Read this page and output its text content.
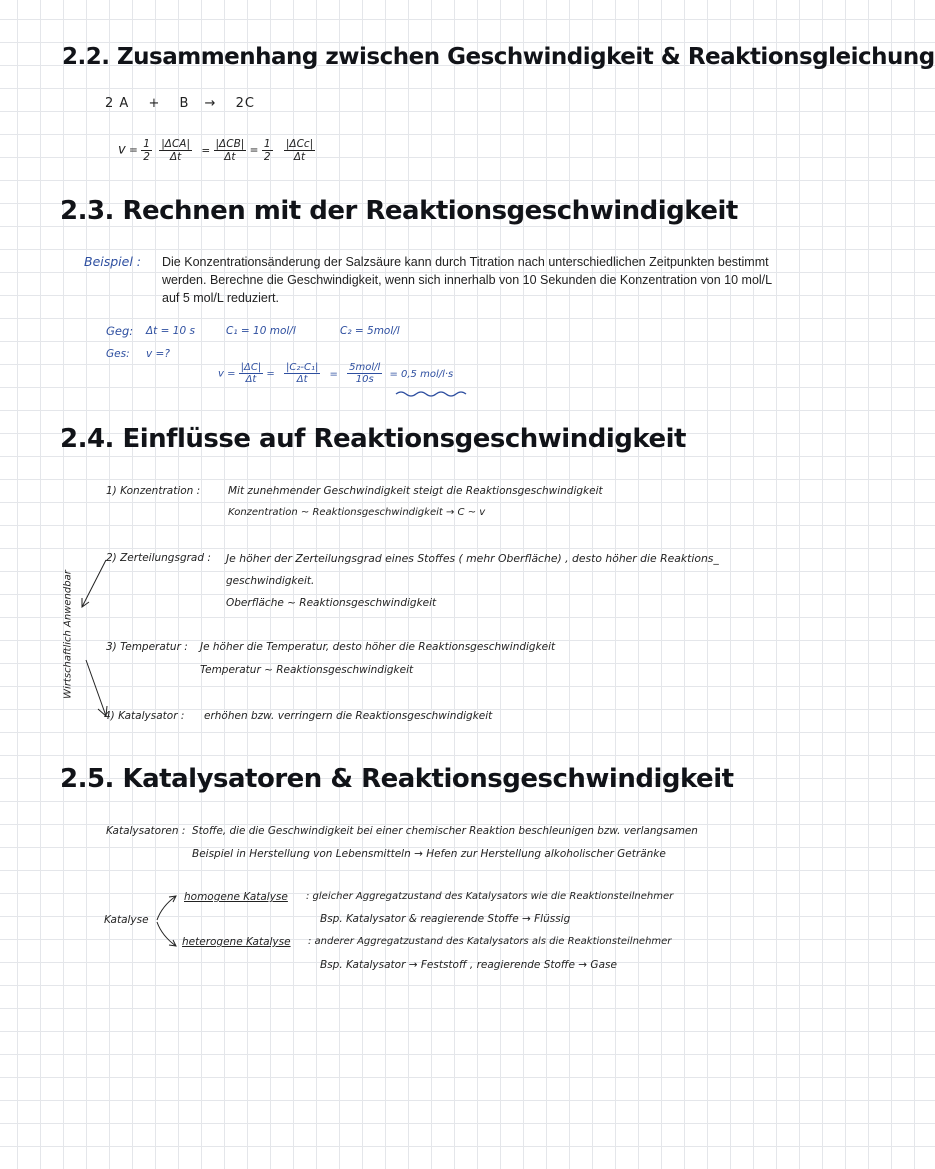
2.2. Zusammenhang zwischen Geschwindigkeit & Reaktionsgleichung
2 A + B → 2C
$v = \frac{1}{2}$
$\frac{\text{|ΔCA|}}{\Delta t} = \frac{\text{|ΔCB|}}{\Delta t} = \frac{1}{2}$
$\frac{\text{|ΔCc|}}{\Delta t}$
2.3. Rechnen mit der Reaktionsgeschwindigkeit
Beispiel : Die Konzentrationsänderung der Salzsäure kann durch Titration nach unterschiedlichen Zeitpunkten bestimmt werden. Berechne die Geschwindigkeit, wenn sich innerhalb von 10 Sekunden die Konzentration von 10 mol/L auf 5 mol/L reduziert.
Geg: Δt = 10 s	C₁ = 10 mol/l	C₂ = 5mol/l
Ges: v =?
$v = \frac{|\Delta C|}{\Delta t} = \frac{\text{|C₂-C₁|}}{\Delta t} = \frac{\text{5mol/l}}{10s} = 0,5$ mol/l·s
2.4. Einflüsse auf Reaktionsgeschwindigkeit
Wirtschaftlich Anwendbar
1) Konzentration :	Mit zunehmender Geschwindigkeit steigt die Reaktionsgeschwindigkeit
Konzentration ~ Reaktionsgeschwindigkeit → C ~ v
2) Zerteilungsgrad : Je höher der Zerteilungsgrad eines Stoffes ( mehr Oberfläche) , desto höher die Reaktions_
geschwindigkeit.
Oberfläche ~ Reaktionsgeschwindigkeit
3) Temperatur : Je höher die Temperatur, desto höher die Reaktionsgeschwindigkeit
Temperatur ~ Reaktionsgeschwindigkeit
4) Katalysator : erhöhen bzw. verringern die Reaktionsgeschwindigkeit
2.5. Katalysatoren & Reaktionsgeschwindigkeit
Katalysatoren : Stoffe, die die Geschwindigkeit bei einer chemischer Reaktion beschleunigen bzw. verlangsamen
Beispiel in Herstellung von Lebensmitteln → Hefen zur Herstellung alkoholischer Getränke
Katalyse
homogene Katalyse : gleicher Aggregatzustand des Katalysators wie die Reaktionsteilnehmer
Bsp. Katalysator & reagierende Stoffe → Flüssig
heterogene Katalyse : anderer Aggregatzustand des Katalysators als die Reaktionsteilnehmer
Bsp. Katalysator → Feststoff , reagierende Stoffe → Gase
